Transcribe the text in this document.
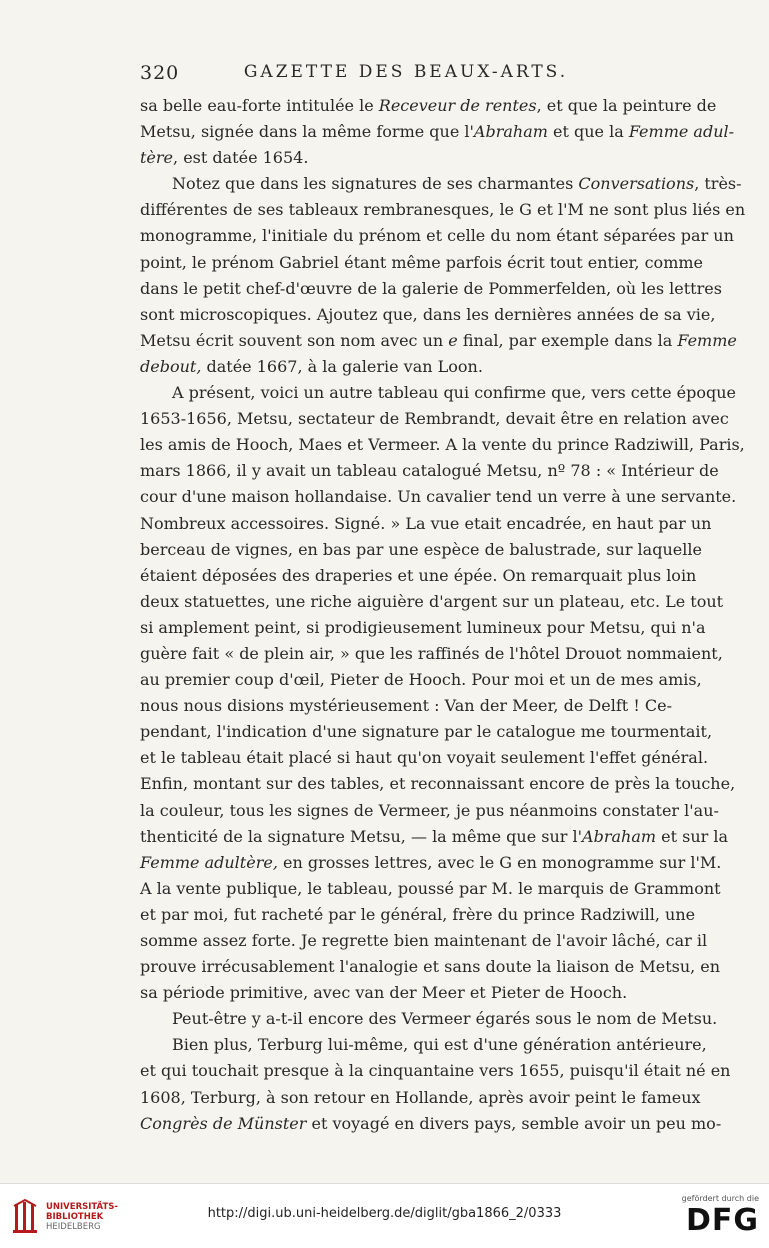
320	GAZETTE DES BEAUX-ARTS.
sa belle eau-forte intitulée le Receveur de rentes, et que la peinture de
Metsu, signée dans la même forme que l'Abraham et que la Femme adul-
tère, est datée 1654.
Notez que dans les signatures de ses charmantes Conversations, très-
différentes de ses tableaux rembranesques, le G et l'M ne sont plus liés en
monogramme, l'initiale du prénom et celle du nom étant séparées par un
point, le prénom Gabriel étant même parfois écrit tout entier, comme
dans le petit chef-d'œuvre de la galerie de Pommerfelden, où les lettres
sont microscopiques. Ajoutez que, dans les dernières années de sa vie,
Metsu écrit souvent son nom avec un e final, par exemple dans la Femme
debout, datée 1667, à la galerie van Loon.
A présent, voici un autre tableau qui confirme que, vers cette époque
1653-1656, Metsu, sectateur de Rembrandt, devait être en relation avec
les amis de Hooch, Maes et Vermeer. A la vente du prince Radziwill, Paris,
mars 1866, il y avait un tableau catalogué Metsu, nº 78 : « Intérieur de
cour d'une maison hollandaise. Un cavalier tend un verre à une servante.
Nombreux accessoires. Signé. » La vue etait encadrée, en haut par un
berceau de vignes, en bas par une espèce de balustrade, sur laquelle
étaient déposées des draperies et une épée. On remarquait plus loin
deux statuettes, une riche aiguière d'argent sur un plateau, etc. Le tout
si amplement peint, si prodigieusement lumineux pour Metsu, qui n'a
guère fait « de plein air, » que les raffinés de l'hôtel Drouot nommaient,
au premier coup d'œil, Pieter de Hooch. Pour moi et un de mes amis,
nous nous disions mystérieusement : Van der Meer, de Delft ! Ce-
pendant, l'indication d'une signature par le catalogue me tourmentait,
et le tableau était placé si haut qu'on voyait seulement l'effet général.
Enfin, montant sur des tables, et reconnaissant encore de près la touche,
la couleur, tous les signes de Vermeer, je pus néanmoins constater l'au-
thenticité de la signature Metsu, — la même que sur l'Abraham et sur la
Femme adultère, en grosses lettres, avec le G en monogramme sur l'M.
A la vente publique, le tableau, poussé par M. le marquis de Grammont
et par moi, fut racheté par le général, frère du prince Radziwill, une
somme assez forte. Je regrette bien maintenant de l'avoir lâché, car il
prouve irrécusablement l'analogie et sans doute la liaison de Metsu, en
sa période primitive, avec van der Meer et Pieter de Hooch.
Peut-être y a-t-il encore des Vermeer égarés sous le nom de Metsu.
Bien plus, Terburg lui-même, qui est d'une génération antérieure,
et qui touchait presque à la cinquantaine vers 1655, puisqu'il était né en
1608, Terburg, à son retour en Hollande, après avoir peint le fameux
Congrès de Münster et voyagé en divers pays, semble avoir un peu mo-
UNIVERSITÄTS-
BIBLIOTHEK
HEIDELBERG
http://digi.ub.uni-heidelberg.de/diglit/gba1866_2/0333
gefördert durch die
DFG
